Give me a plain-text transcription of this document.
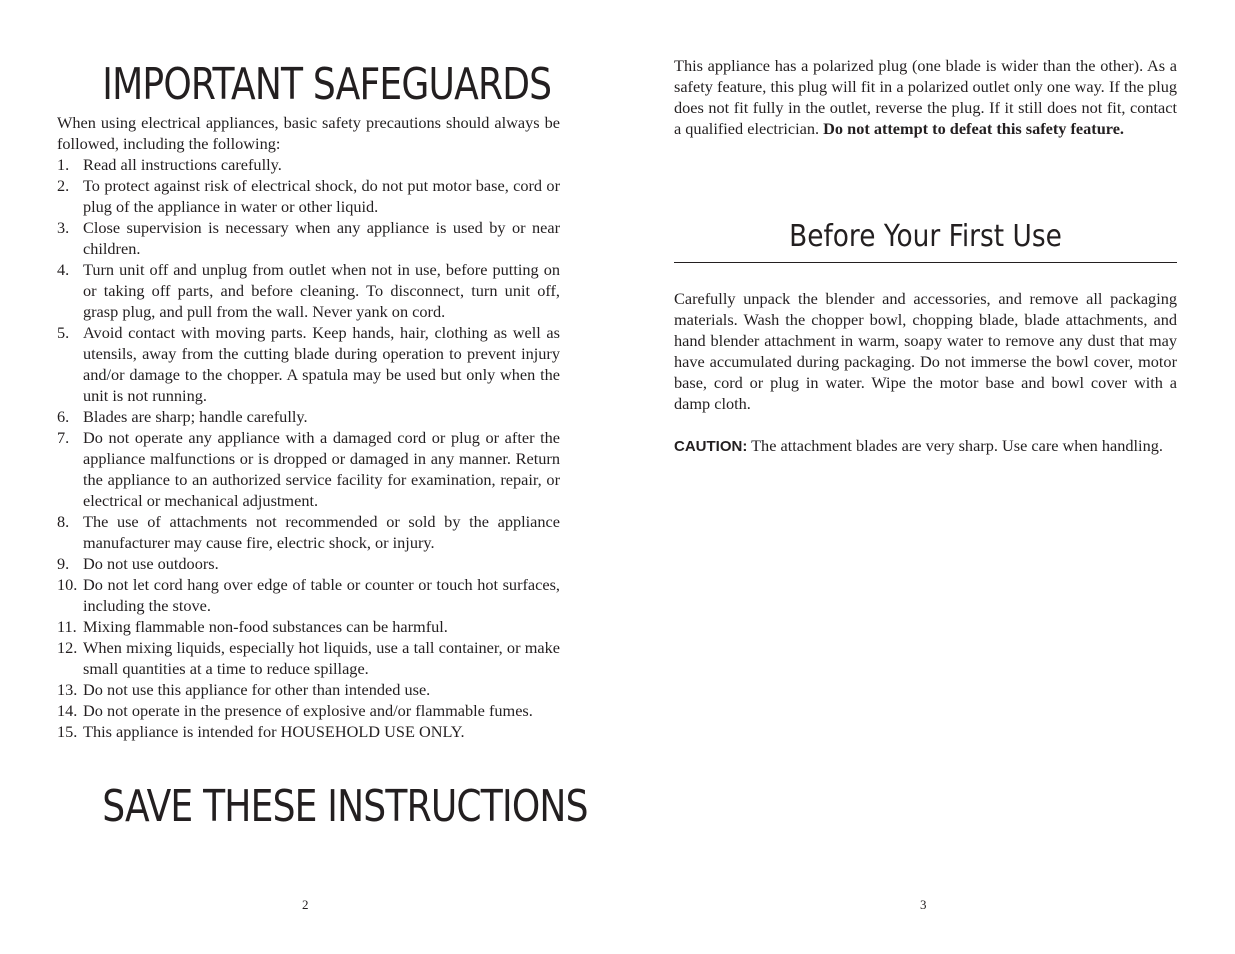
IMPORTANT SAFEGUARDS

When using electrical appliances, basic safety precautions should always be followed, including the following:

1. Read all instructions carefully.
2. To protect against risk of electrical shock, do not put motor base, cord or plug of the appliance in water or other liquid.
3. Close supervision is necessary when any appliance is used by or near children.
4. Turn unit off and unplug from outlet when not in use, before putting on or taking off parts, and before cleaning. To disconnect, turn unit off, grasp plug, and pull from the wall. Never yank on cord.
5. Avoid contact with moving parts. Keep hands, hair, clothing as well as utensils, away from the cutting blade during operation to prevent injury and/or damage to the chopper. A spatula may be used but only when the unit is not running.
6. Blades are sharp; handle carefully.
7. Do not operate any appliance with a damaged cord or plug or after the appliance malfunctions or is dropped or damaged in any manner. Return the appliance to an authorized service facility for examination, repair, or electrical or mechanical adjustment.
8. The use of attachments not recommended or sold by the appliance manufacturer may cause fire, electric shock, or injury.
9. Do not use outdoors.
10. Do not let cord hang over edge of table or counter or touch hot surfaces, including the stove.
11. Mixing flammable non-food substances can be harmful.
12. When mixing liquids, especially hot liquids, use a tall container, or make small quantities at a time to reduce spillage.
13. Do not use this appliance for other than intended use.
14. Do not operate in the presence of explosive and/or flammable fumes.
15. This appliance is intended for HOUSEHOLD USE ONLY.
SAVE THESE INSTRUCTIONS
2

This appliance has a polarized plug (one blade is wider than the other). As a safety feature, this plug will fit in a polarized outlet only one way. If the plug does not fit fully in the outlet, reverse the plug. If it still does not fit, contact a qualified electrician. Do not attempt to defeat this safety feature.

Before Your First Use

Carefully unpack the blender and accessories, and remove all packaging materials. Wash the chopper bowl, chopping blade, blade attachments, and hand blender attachment in warm, soapy water to remove any dust that may have accumulated during packaging. Do not immerse the bowl cover, motor base, cord or plug in water. Wipe the motor base and bowl cover with a damp cloth.

CAUTION: The attachment blades are very sharp. Use care when handling.

3
